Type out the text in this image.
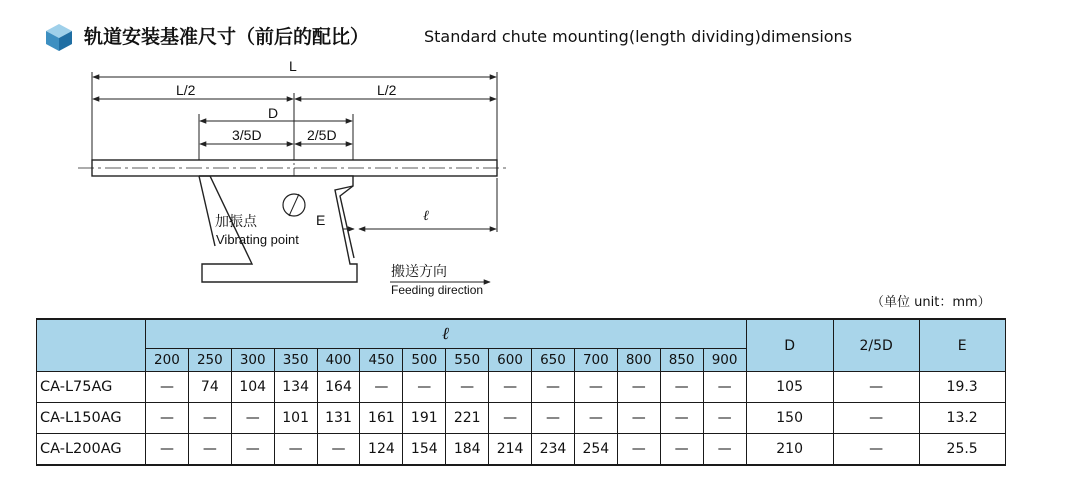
轨道安装基准尺寸（前后的配比）	Standard chute mounting(length dividing)dimensions
L
L/2	L/2
D
3/5D	2/5D
E	ℓ
加振点
Vibrating point
搬送方向
Feeding direction
（单位 unit：mm）
	ℓ														D	2/5D	E
	200	250	300	350	400	450	500	550	600	650	700	800	850	900			
CA-L75AG	—	74	104	134	164	—	—	—	—	—	—	—	—	—	105	—	19.3
CA-L150AG	—	—	—	101	131	161	191	221	—	—	—	—	—	—	150	—	13.2
CA-L200AG	—	—	—	—	—	124	154	184	214	234	254	—	—	—	210	—	25.5
